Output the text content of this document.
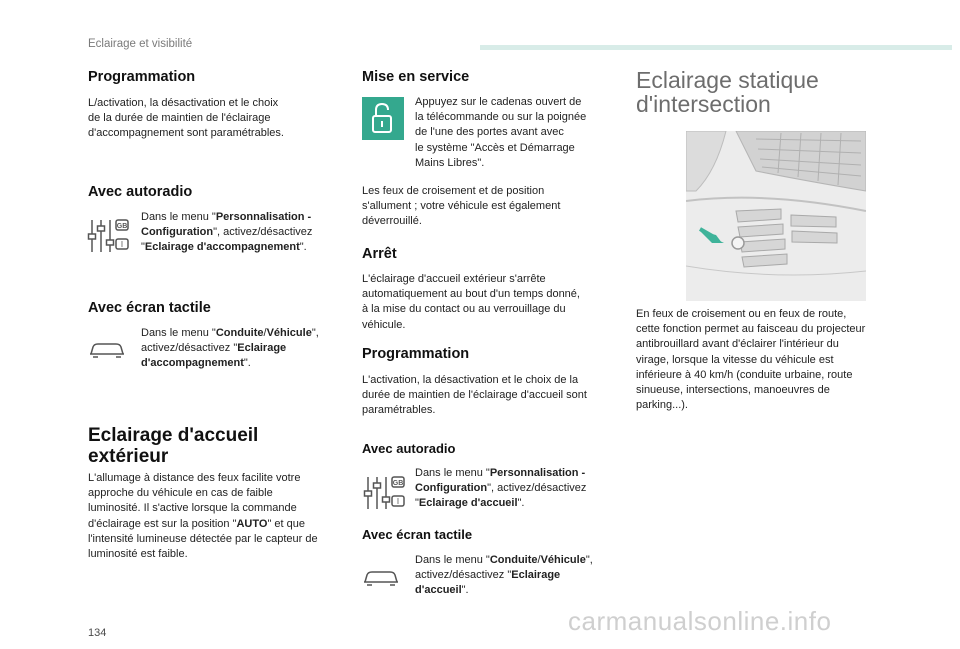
Eclairage et visibilité
Programmation
L/activation, la désactivation et le choix
de la durée de maintien de l'éclairage
d'accompagnement sont paramétrables.
Avec autoradio
GB
I
Dans le menu "Personnalisation -
Configuration", activez/désactivez
"Eclairage d'accompagnement".
Avec écran tactile
Dans le menu "Conduite/Véhicule",
activez/désactivez "Eclairage
d'accompagnement".
Eclairage d'accueil
extérieur
L'allumage à distance des feux facilite votre
approche du véhicule en cas de faible
luminosité. Il s'active lorsque la commande
d'éclairage est sur la position "AUTO" et que
l'intensité lumineuse détectée par le capteur de
luminosité est faible.
Mise en service
Appuyez sur le cadenas ouvert de
la télécommande ou sur la poignée
de l'une des portes avant avec
le système "Accès et Démarrage
Mains Libres".
Les feux de croisement et de position
s'allument ; votre véhicule est également
déverrouillé.
Arrêt
L'éclairage d'accueil extérieur s'arrête
automatiquement au bout d'un temps donné,
à la mise du contact ou au verrouillage du
véhicule.
Programmation
L'activation, la désactivation et le choix de la
durée de maintien de l'éclairage d'accueil sont
paramétrables.
Avec autoradio
GB
I
Dans le menu "Personnalisation -
Configuration", activez/désactivez
"Eclairage d'accueil".
Avec écran tactile
Dans le menu "Conduite/Véhicule",
activez/désactivez "Eclairage
d'accueil".
Eclairage statique
d'intersection
En feux de croisement ou en feux de route,
cette fonction permet au faisceau du projecteur
antibrouillard avant d'éclairer l'intérieur du
virage, lorsque la vitesse du véhicule est
inférieure à 40 km/h (conduite urbaine, route
sinueuse, intersections, manoeuvres de
parking...).
134	carmanualsonline.info
